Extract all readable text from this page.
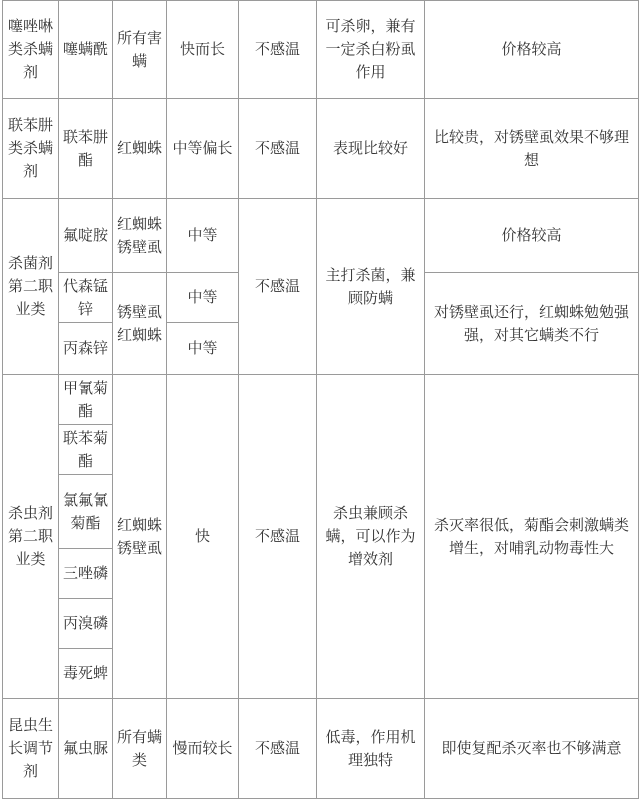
噻唑啉类杀螨剂	噻螨酰	所有害螨	快而长	不感温	可杀卵，兼有一定杀白粉虱作用	价格较高
联苯肼类杀螨剂	联苯肼酯	红蜘蛛	中等偏长	不感温	表现比较好	比较贵，对锈壁虱效果不够理想
杀菌剂第二职业类	氟啶胺	红蜘蛛锈壁虱	中等	不感温	主打杀菌，兼顾防螨	价格较高
	代森锰锌	锈壁虱红蜘蛛	中等			对锈壁虱还行，红蜘蛛勉勉强强，对其它螨类不行
	丙森锌		中等			
杀虫剂第二职业类	甲氰菊酯	红蜘蛛锈壁虱	快	不感温	杀虫兼顾杀螨，可以作为增效剂	杀灭率很低，菊酯会刺激螨类增生，对哺乳动物毒性大
	联苯菊酯					
	氯氟氰菊酯					
	三唑磷					
	丙溴磷					
	毒死蜱					
昆虫生长调节剂	氟虫脲	所有螨类	慢而较长	不感温	低毒，作用机理独特	即使复配杀灭率也不够满意
